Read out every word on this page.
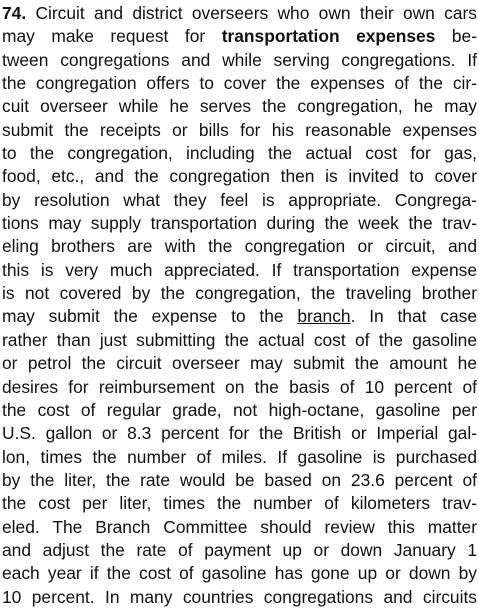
74. Circuit and district overseers who own their own cars
may make request for transportation expenses be-
tween congregations and while serving congregations. If
the congregation offers to cover the expenses of the cir-
cuit overseer while he serves the congregation, he may
submit the receipts or bills for his reasonable expenses
to the congregation, including the actual cost for gas,
food, etc., and the congregation then is invited to cover
by resolution what they feel is appropriate. Congrega-
tions may supply transportation during the week the trav-
eling brothers are with the congregation or circuit, and
this is very much appreciated. If transportation expense
is not covered by the congregation, the traveling brother
may submit the expense to the branch. In that case
rather than just submitting the actual cost of the gasoline
or petrol the circuit overseer may submit the amount he
desires for reimbursement on the basis of 10 percent of
the cost of regular grade, not high-octane, gasoline per
U.S. gallon or 8.3 percent for the British or Imperial gal-
lon, times the number of miles. If gasoline is purchased
by the liter, the rate would be based on 23.6 percent of
the cost per liter, times the number of kilometers trav-
eled. The Branch Committee should review this matter
and adjust the rate of payment up or down January 1
each year if the cost of gasoline has gone up or down by
10 percent. In many countries congregations and circuits
